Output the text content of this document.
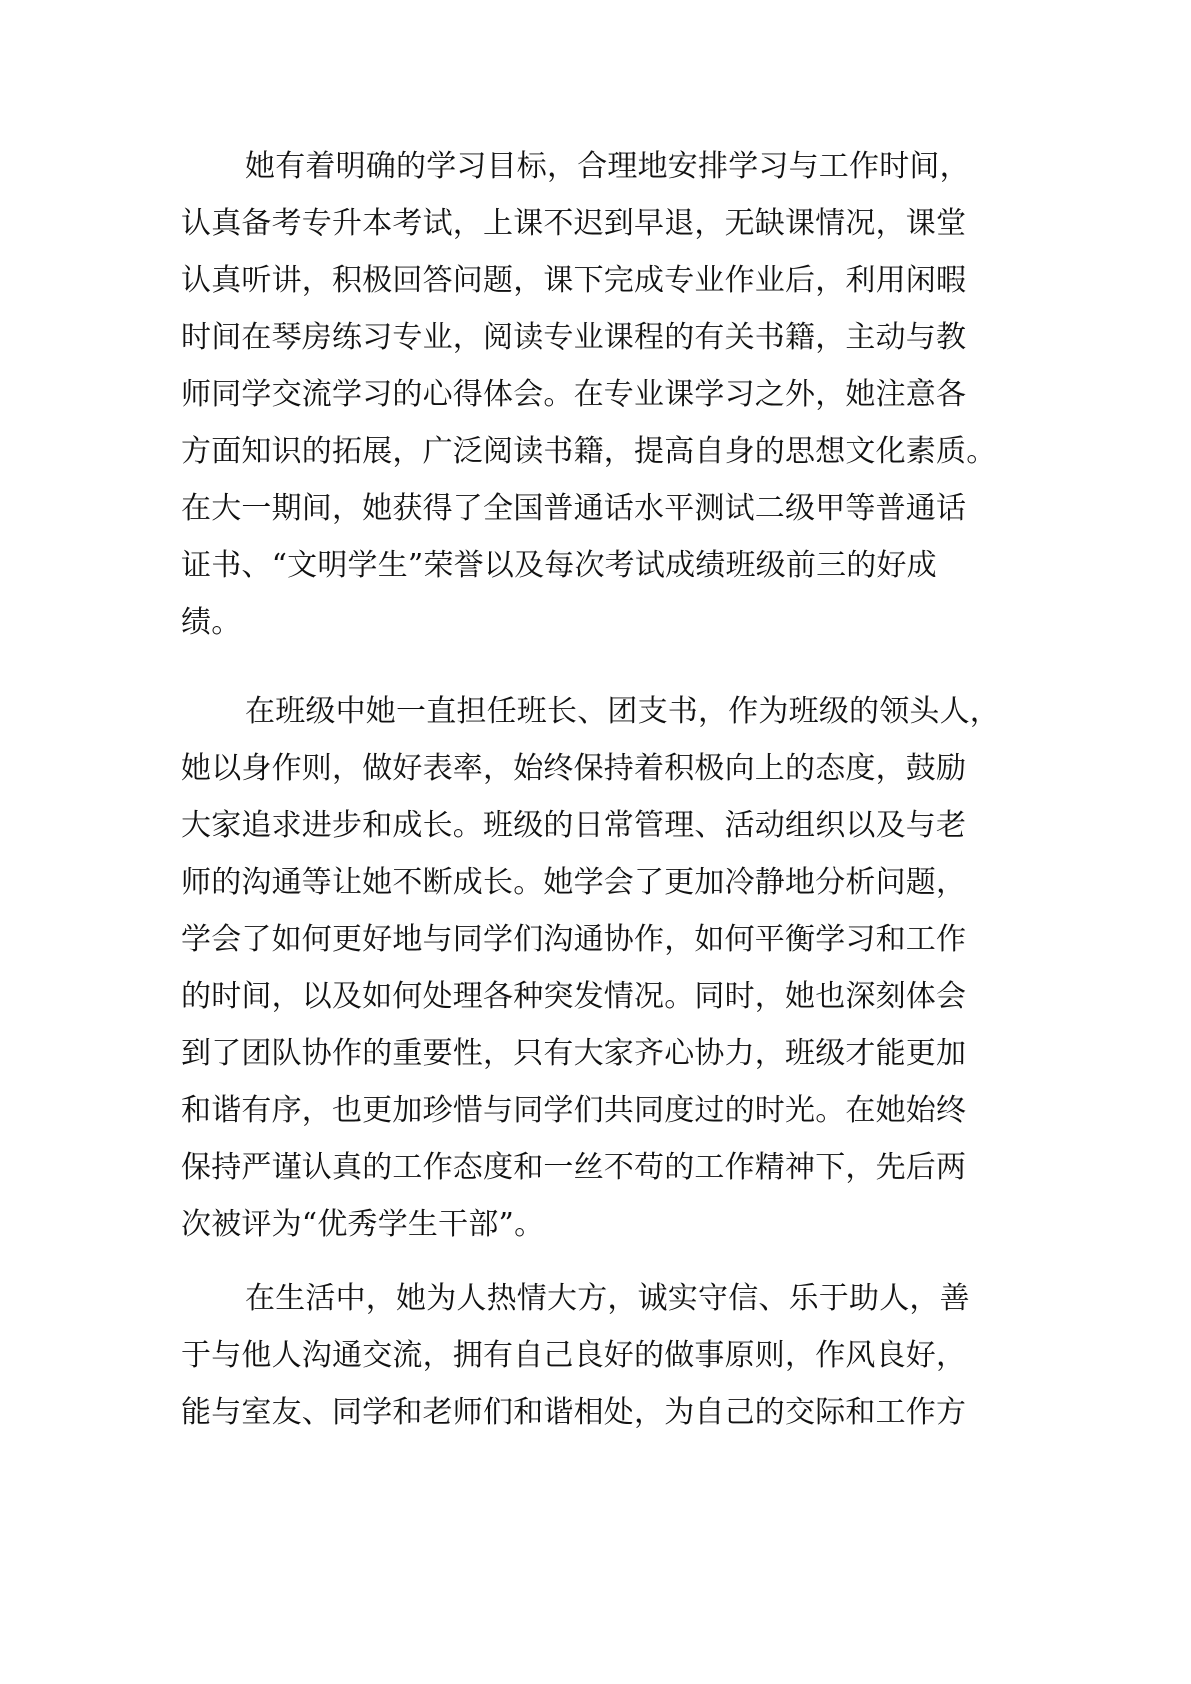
她有着明确的学习目标，合理地安排学习与工作时间，
认真备考专升本考试，上课不迟到早退，无缺课情况，课堂
认真听讲，积极回答问题，课下完成专业作业后，利用闲暇
时间在琴房练习专业，阅读专业课程的有关书籍，主动与教
师同学交流学习的心得体会。在专业课学习之外，她注意各
方面知识的拓展，广泛阅读书籍，提高自身的思想文化素质。
在大一期间，她获得了全国普通话水平测试二级甲等普通话
证书、“文明学生”荣誉以及每次考试成绩班级前三的好成
绩。
在班级中她一直担任班长、团支书，作为班级的领头人，
她以身作则，做好表率，始终保持着积极向上的态度，鼓励
大家追求进步和成长。班级的日常管理、活动组织以及与老
师的沟通等让她不断成长。她学会了更加冷静地分析问题，
学会了如何更好地与同学们沟通协作，如何平衡学习和工作
的时间，以及如何处理各种突发情况。同时，她也深刻体会
到了团队协作的重要性，只有大家齐心协力，班级才能更加
和谐有序，也更加珍惜与同学们共同度过的时光。在她始终
保持严谨认真的工作态度和一丝不苟的工作精神下，先后两
次被评为“优秀学生干部”。
在生活中，她为人热情大方，诚实守信、乐于助人，善
于与他人沟通交流，拥有自己良好的做事原则，作风良好，
能与室友、同学和老师们和谐相处，为自己的交际和工作方
